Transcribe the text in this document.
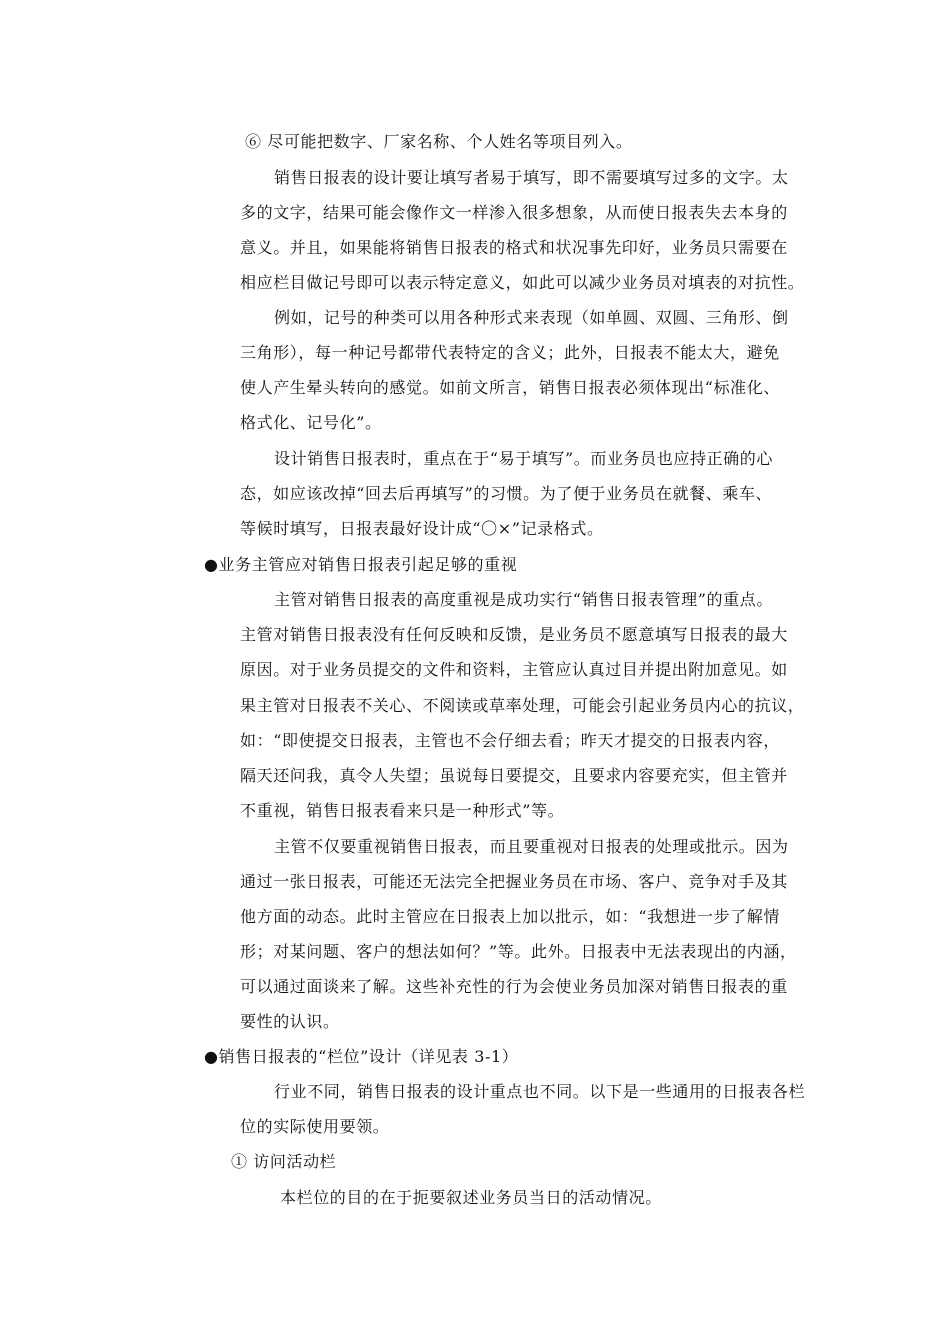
⑥ 尽可能把数字、厂家名称、个人姓名等项目列入。
销售日报表的设计要让填写者易于填写，即不需要填写过多的文字。太
多的文字，结果可能会像作文一样渗入很多想象，从而使日报表失去本身的
意义。并且，如果能将销售日报表的格式和状况事先印好，业务员只需要在
相应栏目做记号即可以表示特定意义，如此可以减少业务员对填表的对抗性。
例如，记号的种类可以用各种形式来表现（如单圆、双圆、三角形、倒
三角形），每一种记号都带代表特定的含义；此外，日报表不能太大，避免
使人产生晕头转向的感觉。如前文所言，销售日报表必须体现出“标准化、
格式化、记号化”。
设计销售日报表时，重点在于“易于填写”。而业务员也应持正确的心
态，如应该改掉“回去后再填写”的习惯。为了便于业务员在就餐、乘车、
等候时填写，日报表最好设计成“〇×”记录格式。
●业务主管应对销售日报表引起足够的重视
主管对销售日报表的高度重视是成功实行“销售日报表管理”的重点。
主管对销售日报表没有任何反映和反馈，是业务员不愿意填写日报表的最大
原因。对于业务员提交的文件和资料，主管应认真过目并提出附加意见。如
果主管对日报表不关心、不阅读或草率处理，可能会引起业务员内心的抗议，
如：“即使提交日报表，主管也不会仔细去看；昨天才提交的日报表内容，
隔天还问我，真令人失望；虽说每日要提交，且要求内容要充实，但主管并
不重视，销售日报表看来只是一种形式”等。
主管不仅要重视销售日报表，而且要重视对日报表的处理或批示。因为
通过一张日报表，可能还无法完全把握业务员在市场、客户、竞争对手及其
他方面的动态。此时主管应在日报表上加以批示，如：“我想进一步了解情
形；对某问题、客户的想法如何？”等。此外。日报表中无法表现出的内涵，
可以通过面谈来了解。这些补充性的行为会使业务员加深对销售日报表的重
要性的认识。
●销售日报表的“栏位”设计（详见表 3-1）
行业不同，销售日报表的设计重点也不同。以下是一些通用的日报表各栏
位的实际使用要领。
① 访问活动栏
本栏位的目的在于扼要叙述业务员当日的活动情况。
